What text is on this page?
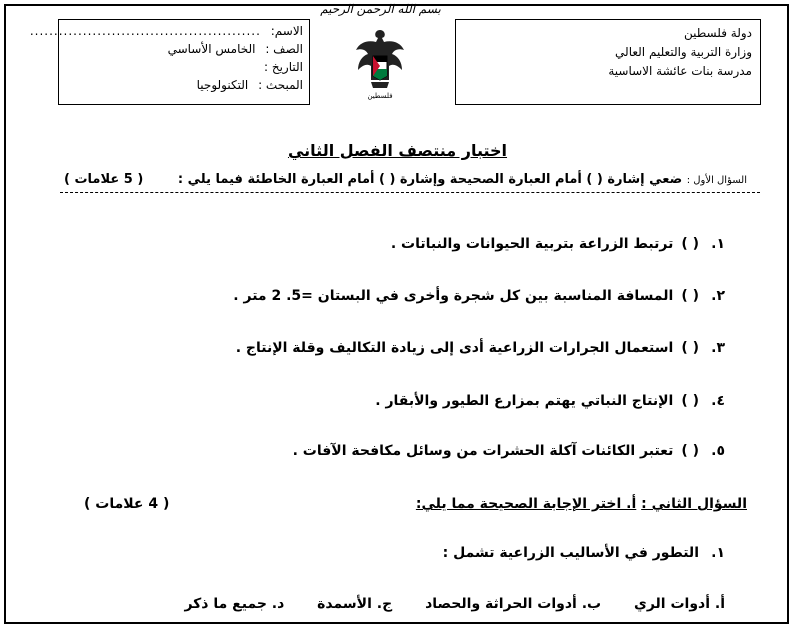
الاسم: ................................................
الصف : الخامس الأساسي
التاريخ :
المبحث : التكنولوجيا
بسم الله الرحمن الرحيم
فلسطين
دولة فلسطين
وزارة التربية والتعليم العالي
مدرسة بنات عائشة الاساسية
اختبار منتصف الفصل الثاني
السؤال الأول : ضعي إشارة ( ) أمام العبارة الصحيحة وإشارة ( ) أمام العبارة الخاطئة فيما يلي :
( 5 علامات )
١.( )ترتبط الزراعة بتربية الحيوانات والنباتات .
٢.( )المسافة المناسبة بين كل شجرة وأخرى في البستان =5. 2 متر .
٣.( )استعمال الجرارات الزراعية أدى إلى زيادة التكاليف وقلة الإنتاج .
٤.( )الإنتاج النباتي يهتم بمزارع الطيور والأبقار .
٥.( )تعتبر الكائنات آكلة الحشرات من وسائل مكافحة الآفات .
السؤال الثاني : أ. اختر الإجابة الصحيحة مما يلي:
( 4 علامات )
١.التطور في الأساليب الزراعية تشمل :
أ. أدوات الري ب. أدوات الحراثة والحصاد ج. الأسمدة د. جميع ما ذكر
